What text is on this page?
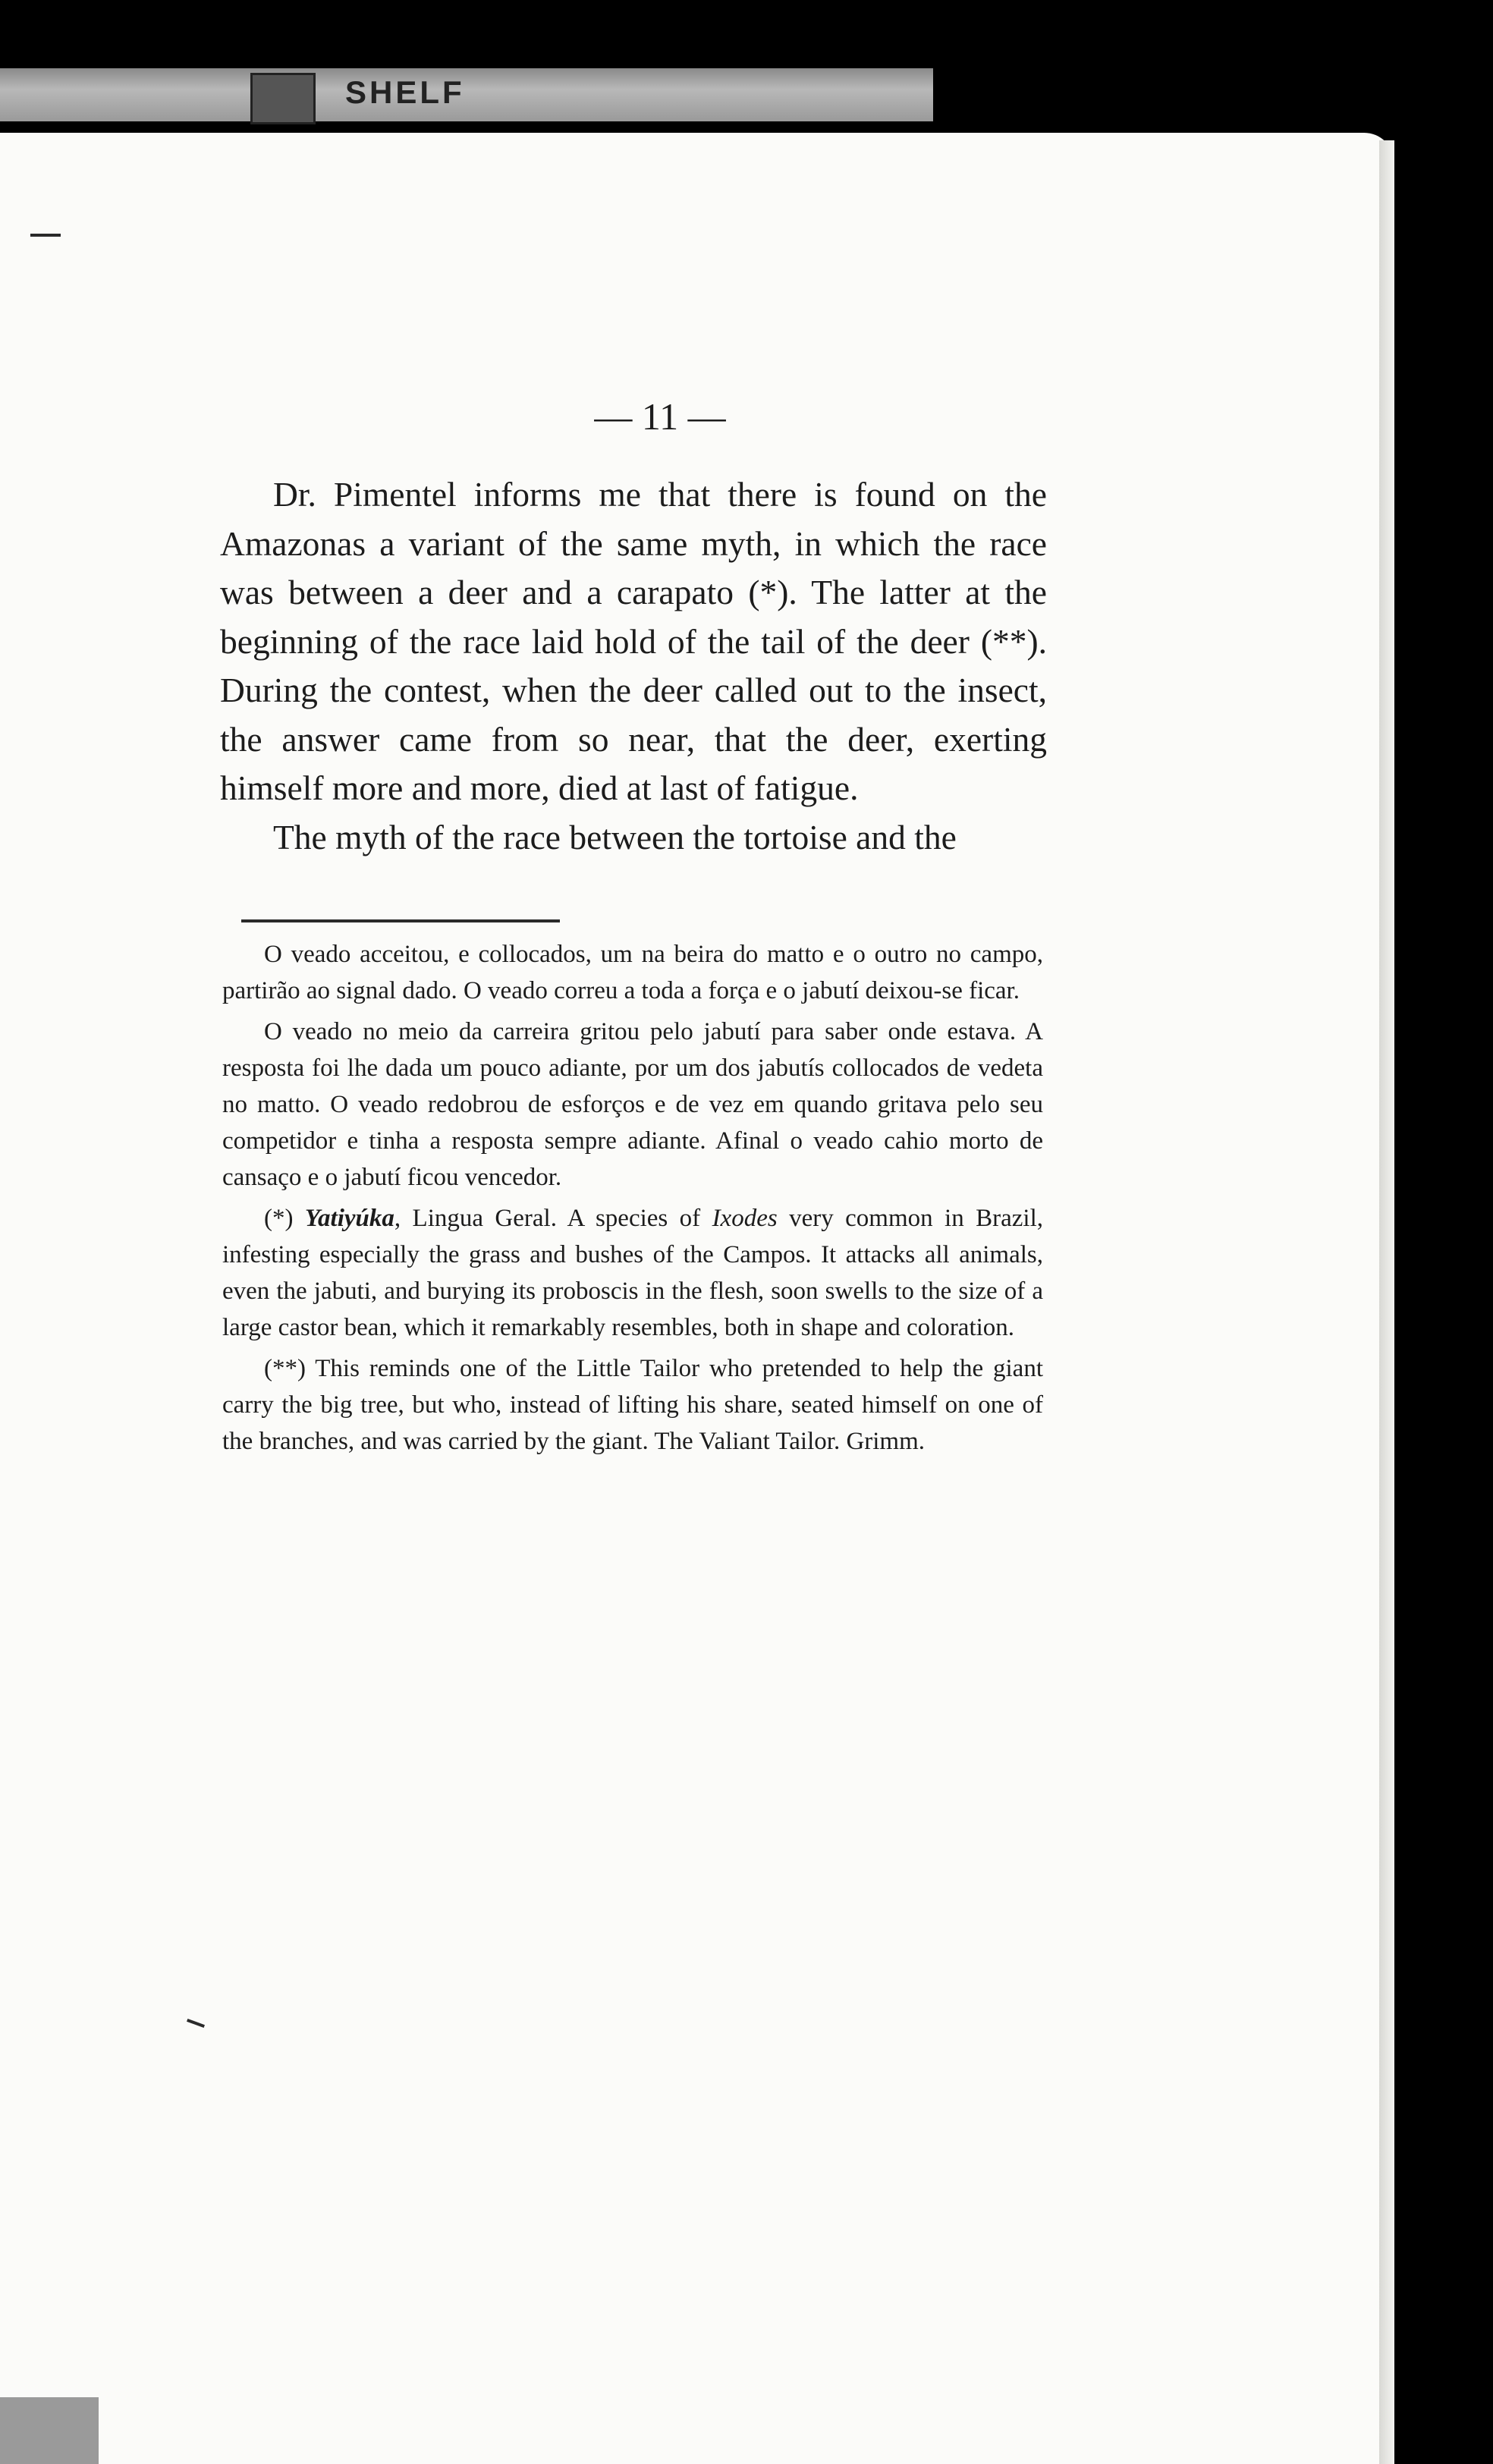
SHELF
— 11 —

Dr. Pimentel informs me that there is found on the Amazonas a variant of the same myth, in which the race was between a deer and a carapato (*). The latter at the beginning of the race laid hold of the tail of the deer (**). During the contest, when the deer called out to the insect, the answer came from so near, that the deer, exerting himself more and more, died at last of fatigue.

The myth of the race between the tortoise and the

O veado acceitou, e collocados, um na beira do matto e o outro no campo, partirão ao signal dado. O veado correu a toda a força e o jabutí deixou-se ficar.

O veado no meio da carreira gritou pelo jabutí para saber onde estava. A resposta foi lhe dada um pouco adiante, por um dos jabutís collocados de vedeta no matto. O veado redobrou de esforços e de vez em quando gritava pelo seu competidor e tinha a resposta sempre adiante. Afinal o veado cahio morto de cansaço e o jabutí ficou vencedor.

(*) Yatiyúka, Lingua Geral. A species of Ixodes very common in Brazil, infesting especially the grass and bushes of the Campos. It attacks all animals, even the jabuti, and burying its proboscis in the flesh, soon swells to the size of a large castor bean, which it remarkably resembles, both in shape and coloration.

(**) This reminds one of the Little Tailor who pretended to help the giant carry the big tree, but who, instead of lifting his share, seated himself on one of the branches, and was carried by the giant. The Valiant Tailor. Grimm.
